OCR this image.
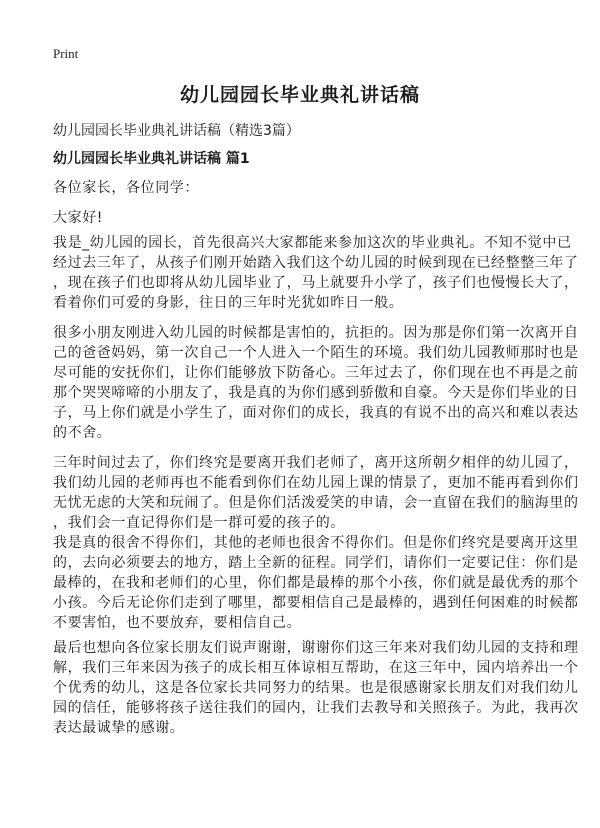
Print
幼儿园园长毕业典礼讲话稿
幼儿园园长毕业典礼讲话稿（精选3篇）
幼儿园园长毕业典礼讲话稿 篇1
各位家长，各位同学：
大家好!
我是_幼儿园的园长，首先很高兴大家都能来参加这次的毕业典礼。不知不觉中已
经过去三年了，从孩子们刚开始踏入我们这个幼儿园的时候到现在已经整整三年了
，现在孩子们也即将从幼儿园毕业了，马上就要升小学了，孩子们也慢慢长大了，
看着你们可爱的身影，往日的三年时光犹如昨日一般。
很多小朋友刚进入幼儿园的时候都是害怕的，抗拒的。因为那是你们第一次离开自
己的爸爸妈妈，第一次自己一个人进入一个陌生的环境。我们幼儿园教师那时也是
尽可能的安抚你们，让你们能够放下防备心。三年过去了，你们现在也不再是之前
那个哭哭啼啼的小朋友了，我是真的为你们感到骄傲和自豪。今天是你们毕业的日
子，马上你们就是小学生了，面对你们的成长，我真的有说不出的高兴和难以表达
的不舍。
三年时间过去了，你们终究是要离开我们老师了，离开这所朝夕相伴的幼儿园了，
我们幼儿园的老师再也不能看到你们在幼儿园上课的情景了，更加不能再看到你们
无忧无虑的大笑和玩闹了。但是你们活泼爱笑的申请，会一直留在我们的脑海里的
，我们会一直记得你们是一群可爱的孩子的。
我是真的很舍不得你们，其他的老师也很舍不得你们。但是你们终究是要离开这里
的，去向必须要去的地方，踏上全新的征程。同学们，请你们一定要记住：你们是
最棒的，在我和老师们的心里，你们都是最棒的那个小孩，你们就是最优秀的那个
小孩。今后无论你们走到了哪里，都要相信自己是最棒的，遇到任何困难的时候都
不要害怕，也不要放弃，要相信自己。
最后也想向各位家长朋友们说声谢谢，谢谢你们这三年来对我们幼儿园的支持和理
解，我们三年来因为孩子的成长相互体谅相互帮助，在这三年中，园内培养出一个
个优秀的幼儿，这是各位家长共同努力的结果。也是很感谢家长朋友们对我们幼儿
园的信任，能够将孩子送往我们的园内，让我们去教导和关照孩子。为此，我再次
表达最诚挚的感谢。
